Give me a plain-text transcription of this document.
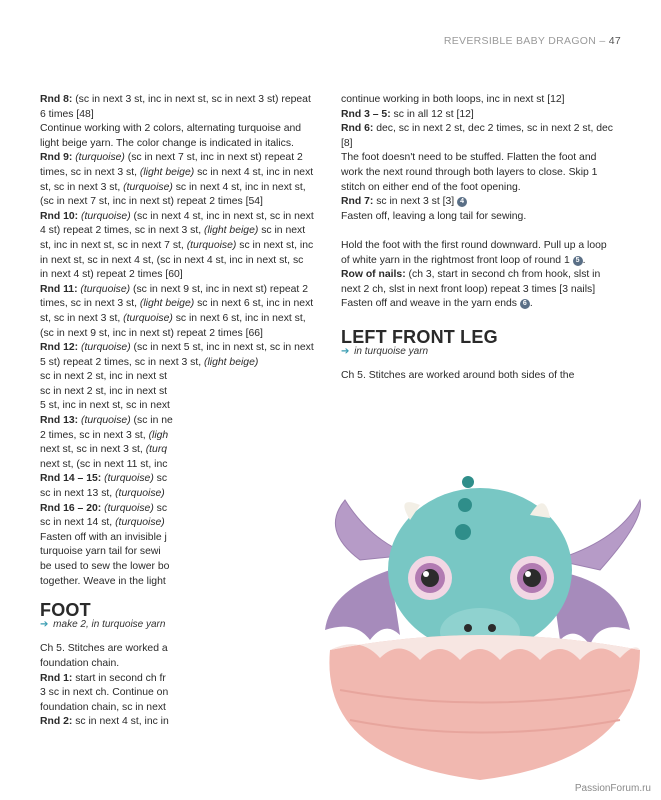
REVERSIBLE BABY DRAGON – 47

Rnd 8: (sc in next 3 st, inc in next st, sc in next 3 st) repeat 6 times [48]

Continue working with 2 colors, alternating turquoise and light beige yarn. The color change is indicated in italics.

Rnd 9: (turquoise) (sc in next 7 st, inc in next st) repeat 2 times, sc in next 3 st, (light beige) sc in next 4 st, inc in next st, sc in next 3 st, (turquoise) sc in next 4 st, inc in next st, (sc in next 7 st, inc in next st) repeat 2 times [54]

Rnd 10: (turquoise) (sc in next 4 st, inc in next st, sc in next 4 st) repeat 2 times, sc in next 3 st, (light beige) sc in next st, inc in next st, sc in next 7 st, (turquoise) sc in next st, inc in next st, sc in next 4 st, (sc in next 4 st, inc in next st, sc in next 4 st) repeat 2 times [60]

Rnd 11: (turquoise) (sc in next 9 st, inc in next st) repeat 2 times, sc in next 3 st, (light beige) sc in next 6 st, inc in next st, sc in next 3 st, (turquoise) sc in next 6 st, inc in next st, (sc in next 9 st, inc in next st) repeat 2 times [66]

Rnd 12: (turquoise) (sc in next 5 st, inc in next st, sc in next 5 st) repeat 2 times, sc in next 3 st, (light beige)

sc in next 2 st, inc in next st

sc in next 2 st, inc in next st

5 st, inc in next st, sc in next

Rnd 13: (turquoise) (sc in ne

2 times, sc in next 3 st, (ligh

next st, sc in next 3 st, (turq

next st, (sc in next 11 st, inc

Rnd 14 – 15: (turquoise) sc

sc in next 13 st, (turquoise)

Rnd 16 – 20: (turquoise) sc

sc in next 14 st, (turquoise)

Fasten off with an invisible j

turquoise yarn tail for sewi

be used to sew the lower bo

together. Weave in the light

FOOT
➔ make 2, in turquoise yarn

Ch 5. Stitches are worked a

foundation chain.

Rnd 1: start in second ch fr

3 sc in next ch. Continue on

foundation chain, sc in next

Rnd 2: sc in next 4 st, inc in

continue working in both loops, inc in next st [12]

Rnd 3 – 5: sc in all 12 st [12]

Rnd 6: dec, sc in next 2 st, dec 2 times, sc in next 2 st, dec [8]

The foot doesn't need to be stuffed. Flatten the foot and work the next round through both layers to close. Skip 1 stitch on either end of the foot opening.

Rnd 7: sc in next 3 st [3] 4

Fasten off, leaving a long tail for sewing.

Hold the foot with the first round downward. Pull up a loop of white yarn in the rightmost front loop of round 1 5 .

Row of nails: (ch 3, start in second ch from hook, slst in next 2 ch, slst in next front loop) repeat 3 times [3 nails]

Fasten off and weave in the yarn ends 6 .

LEFT FRONT LEG
➔ in turquoise yarn

Ch 5. Stitches are worked around both sides of the

PassionForum.ru
